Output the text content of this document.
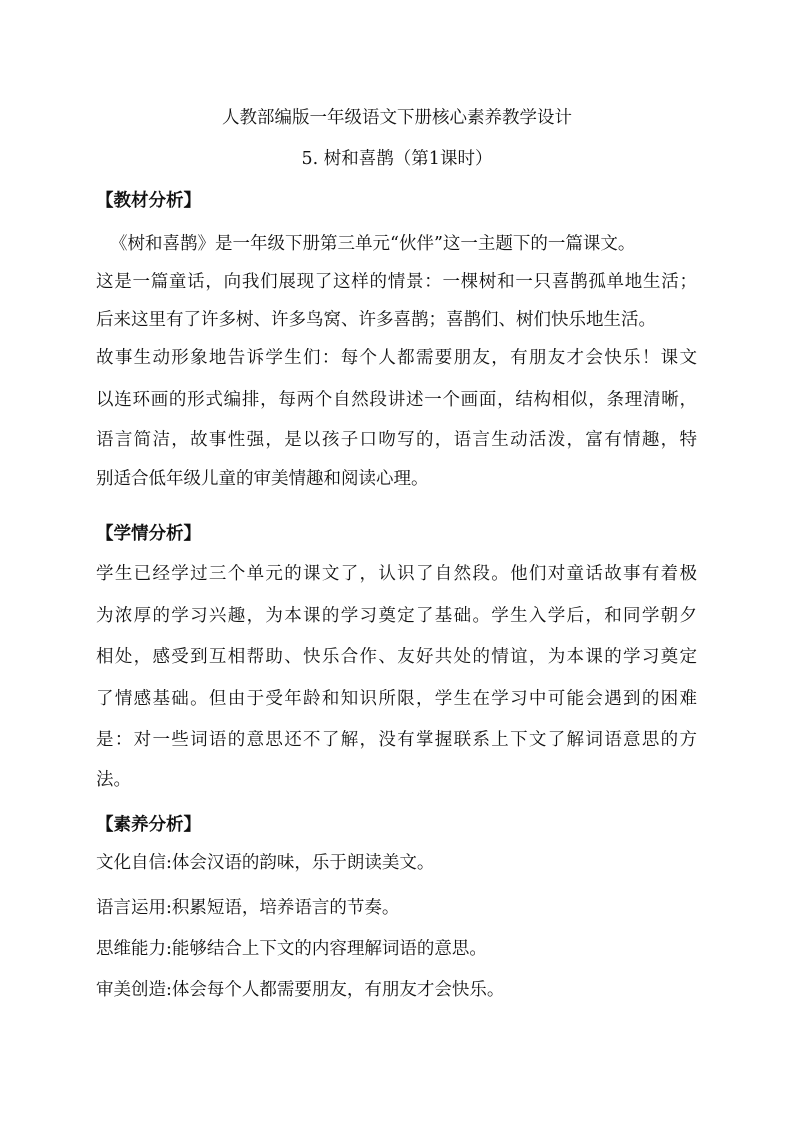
人教部编版一年级语文下册核心素养教学设计
5. 树和喜鹊（第1课时）
【教材分析】
《树和喜鹊》是一年级下册第三单元“伙伴”这一主题下的一篇课文。
这是一篇童话，向我们展现了这样的情景：一棵树和一只喜鹊孤单地生活；
后来这里有了许多树、许多鸟窝、许多喜鹊；喜鹊们、树们快乐地生活。
故事生动形象地告诉学生们：每个人都需要朋友，有朋友才会快乐！课文
以连环画的形式编排，每两个自然段讲述一个画面，结构相似，条理清晰，
语言简洁，故事性强，是以孩子口吻写的，语言生动活泼，富有情趣，特
别适合低年级儿童的审美情趣和阅读心理。
【学情分析】
学生已经学过三个单元的课文了，认识了自然段。他们对童话故事有着极
为浓厚的学习兴趣，为本课的学习奠定了基础。学生入学后，和同学朝夕
相处，感受到互相帮助、快乐合作、友好共处的情谊，为本课的学习奠定
了情感基础。但由于受年龄和知识所限，学生在学习中可能会遇到的困难
是：对一些词语的意思还不了解，没有掌握联系上下文了解词语意思的方
法。
【素养分析】
文化自信:体会汉语的韵味，乐于朗读美文。
语言运用:积累短语，培养语言的节奏。
思维能力:能够结合上下文的内容理解词语的意思。
审美创造:体会每个人都需要朋友，有朋友才会快乐。
